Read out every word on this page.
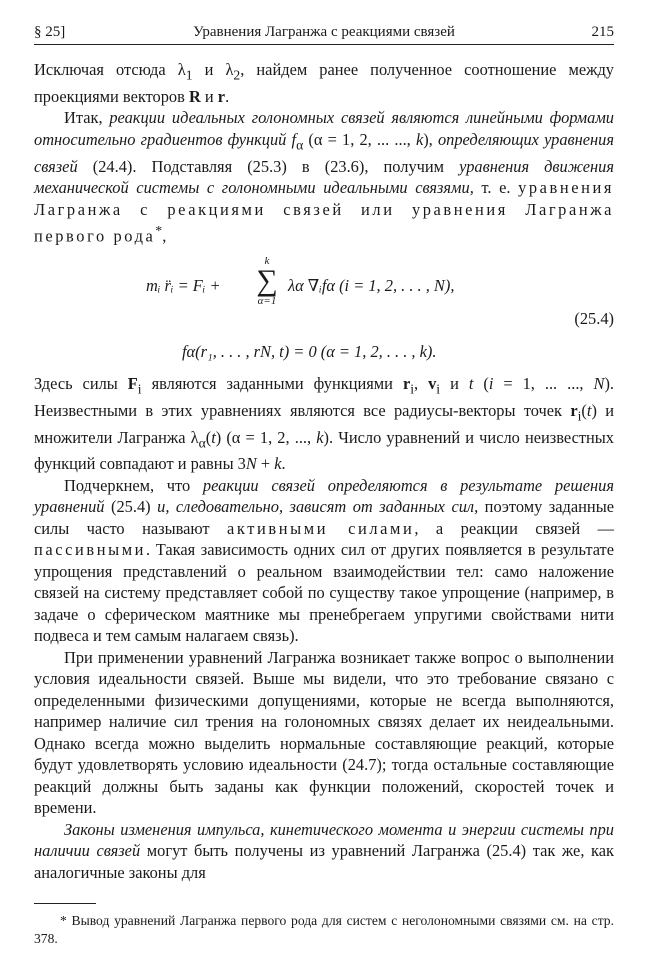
§ 25]	Уравнения Лагранжа с реакциями связей	215

Исключая отсюда $\lambda_1$ и $\lambda_2$, найдем ранее полученное соотношение между проекциями векторов R и r.

Итак, реакции идеальных голономных связей являются линейными формами относительно градиентов функций $f_\alpha$ (α = 1, 2, ... ..., k), определяющих уравнения связей (24.4). Подставляя (25.3) в (23.6), получим уравнения движения механической системы с голономными идеальными связями, т. е. уравнения Лагранжа с реакциями связей или уравнения Лагранжа первого рода*,

mᵢ r̈ᵢ = Fᵢ +
k
∑
α=1
λα ∇ᵢfα (i = 1, 2, . . . , N),
fα(r₁, . . . , rN, t) = 0 (α = 1, 2, . . . , k).
(25.4)

Здесь силы $F_i$ являются заданными функциями $r_i$, $v_i$ и t (i = 1, ... ..., N). Неизвестными в этих уравнениях являются все радиусы-векторы точек $r_i(t)$ и множители Лагранжа $\lambda_\alpha(t) (\alpha = 1$, 2, ..., k). Число уравнений и число неизвестных функций совпадают и равны 3N + k.

Подчеркнем, что реакции связей определяются в результате решения уравнений (25.4) и, следовательно, зависят от заданных сил, поэтому заданные силы часто называют активными силами, а реакции связей — пассивными. Такая зависимость одних сил от других появляется в результате упрощения представлений о реальном взаимодействии тел: само наложение связей на систему представляет собой по существу такое упрощение (например, в задаче о сферическом маятнике мы пренебрегаем упругими свойствами нити подвеса и тем самым налагаем связь).

При применении уравнений Лагранжа возникает также вопрос о выполнении условия идеальности связей. Выше мы видели, что это требование связано с определенными физическими допущениями, которые не всегда выполняются, например наличие сил трения на голономных связях делает их неидеальными. Однако всегда можно выделить нормальные составляющие реакций, которые будут удовлетворять условию идеальности (24.7); тогда остальные составляющие реакций должны быть заданы как функции положений, скоростей точек и времени.

Законы изменения импульса, кинетического момента и энергии системы при наличии связей могут быть получены из уравнений Лагранжа (25.4) так же, как аналогичные законы для

* Вывод уравнений Лагранжа первого рода для систем с неголономными связями см. на стр. 378.
